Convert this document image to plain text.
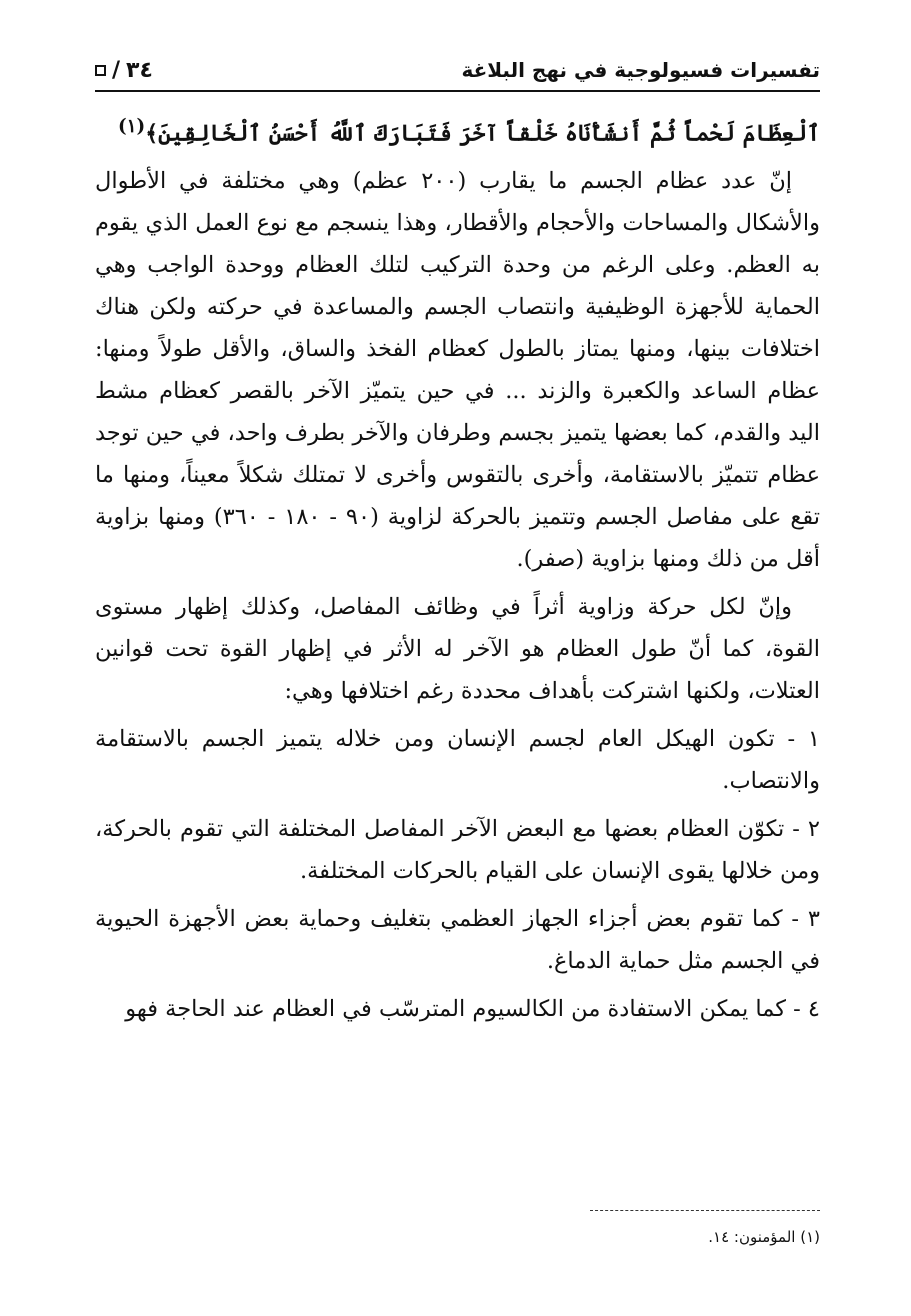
تفسيرات فسيولوجية في نهج البلاغة
٣٤
/

ٱلْعِظَامَ لَحْماً ثُمَّ أَنشَأْنَاهُ خَلْقاً آخَرَ فَتَبَارَكَ ٱللَّهُ أَحْسَنُ ٱلْخَالِقِينَ﴾$^{(١)}$

إنّ عدد عظام الجسم ما يقارب (٢٠٠ عظم) وهي مختلفة في الأطوال والأشكال والمساحات والأحجام والأقطار، وهذا ينسجم مع نوع العمل الذي يقوم به العظم. وعلى الرغم من وحدة التركيب لتلك العظام ووحدة الواجب وهي الحماية للأجهزة الوظيفية وانتصاب الجسم والمساعدة في حركته ولكن هناك اختلافات بينها، ومنها يمتاز بالطول كعظام الفخذ والساق، والأقل طولاً ومنها: عظام الساعد والكعبرة والزند ... في حين يتميّز الآخر بالقصر كعظام مشط اليد والقدم، كما بعضها يتميز بجسم وطرفان والآخر بطرف واحد، في حين توجد عظام تتميّز بالاستقامة، وأخرى بالتقوس وأخرى لا تمتلك شكلاً معيناً، ومنها ما تقع على مفاصل الجسم وتتميز بالحركة لزاوية (٩٠ - ١٨٠ - ٣٦٠) ومنها بزاوية أقل من ذلك ومنها بزاوية (صفر).

وإنّ لكل حركة وزاوية أثراً في وظائف المفاصل، وكذلك إظهار مستوى القوة، كما أنّ طول العظام هو الآخر له الأثر في إظهار القوة تحت قوانين العتلات، ولكنها اشتركت بأهداف محددة رغم اختلافها وهي:

١ - تكون الهيكل العام لجسم الإنسان ومن خلاله يتميز الجسم بالاستقامة والانتصاب.

٢ - تكوّن العظام بعضها مع البعض الآخر المفاصل المختلفة التي تقوم بالحركة، ومن خلالها يقوى الإنسان على القيام بالحركات المختلفة.

٣ - كما تقوم بعض أجزاء الجهاز العظمي بتغليف وحماية بعض الأجهزة الحيوية في الجسم مثل حماية الدماغ.

٤ - كما يمكن الاستفادة من الكالسيوم المترسّب في العظام عند الحاجة فهو

(١) المؤمنون: ١٤.
